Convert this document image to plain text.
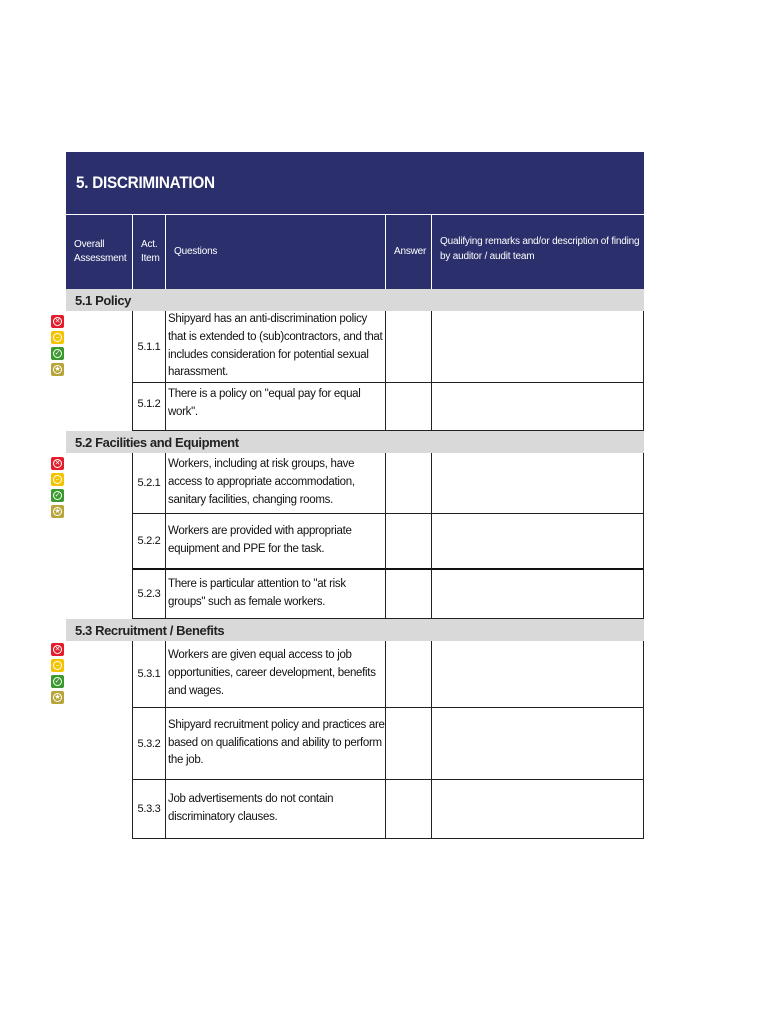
5. DISCRIMINATION
Overall Assessment
Act. Item
Questions	Answer
Qualifying remarks and/or description of finding by auditor / audit team
5.1 Policy
5.1.1
Shipyard has an anti-discrimination policy that is extended to (sub)contractors, and that includes consideration for potential sexual harassment.
5.1.2
There is a policy on "equal pay for equal work".
5.2 Facilities and Equipment
5.2.1
Workers, including at risk groups, have access to appropriate accommodation, sanitary facilities, changing rooms.
5.2.2
Workers are provided with appropriate equipment and PPE for the task.
5.2.3
There is particular attention to "at risk groups" such as female workers.
5.3 Recruitment / Benefits
5.3.1
Workers are given equal access to job opportunities, career development, benefits and wages.
5.3.2
Shipyard recruitment policy and practices are based on qualifications and ability to perform the job.
5.3.3
Job advertisements do not contain discriminatory clauses.
✕
–
✓
★
✕
–
✓
★
✕
–
✓
★
